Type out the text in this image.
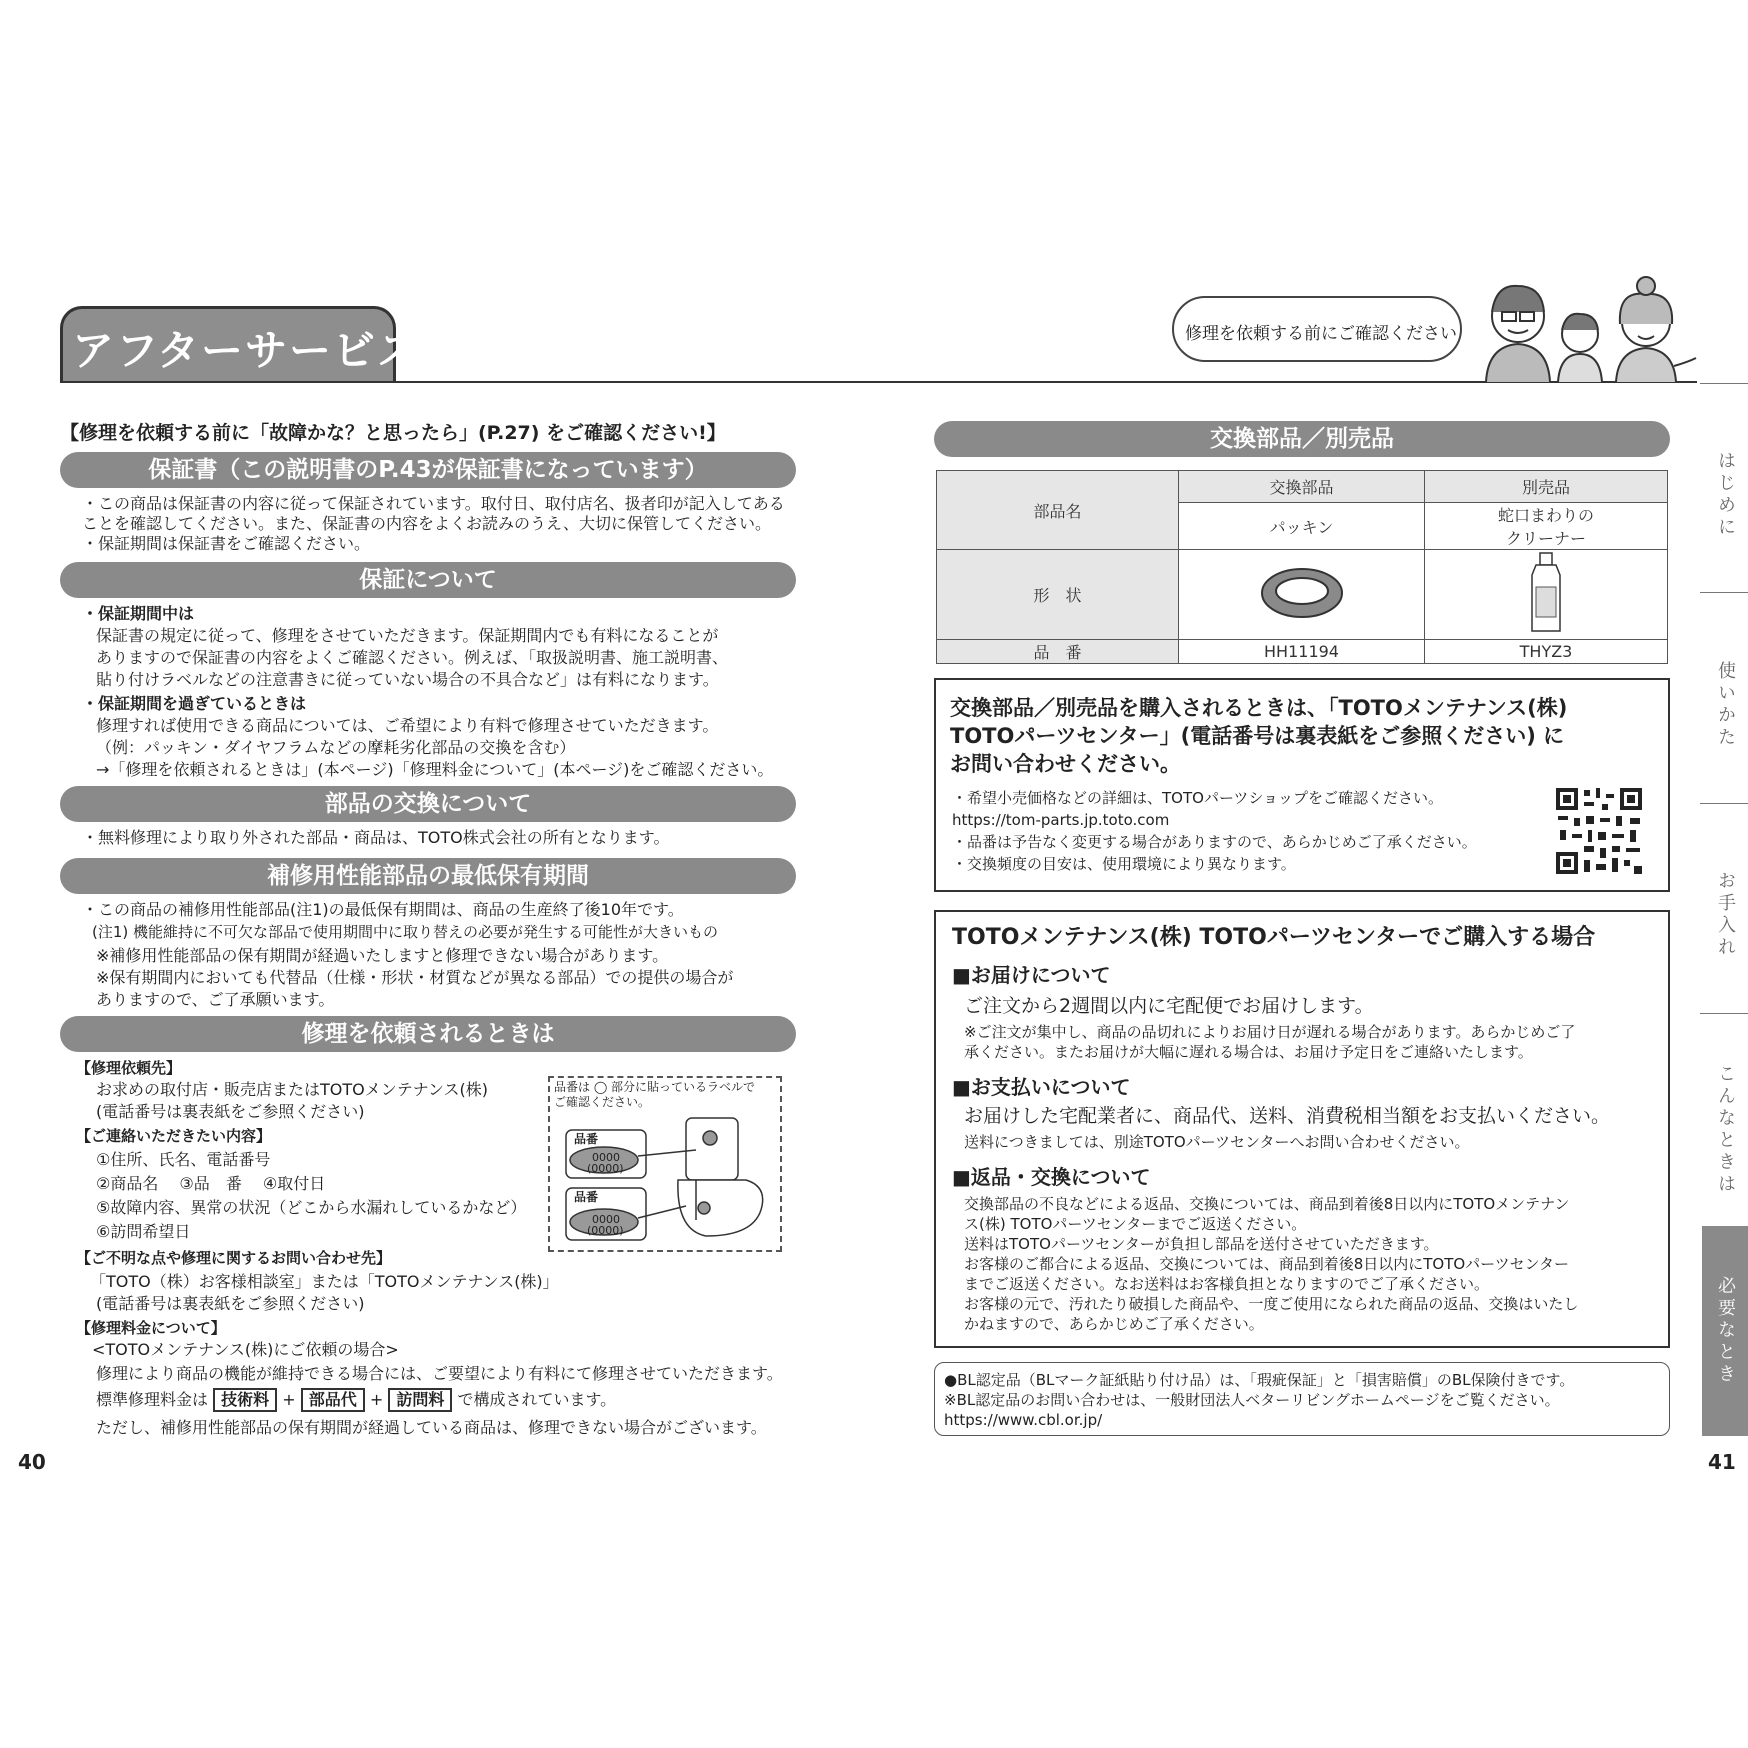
アフターサービス	修理を依頼する前にご確認ください
はじめに
使いかた
お手入れ
こんなときは
必要なとき
【修理を依頼する前に「故障かな？と思ったら」(P.27) をご確認ください!】
保証書（この説明書のP.43が保証書になっています）
・この商品は保証書の内容に従って保証されています。取付日、取付店名、扱者印が記入してある
ことを確認してください。また、保証書の内容をよくお読みのうえ、大切に保管してください。
・保証期間は保証書をご確認ください。
保証について
・保証期間中は
保証書の規定に従って、修理をさせていただきます。保証期間内でも有料になることが
ありますので保証書の内容をよくご確認ください。例えば、「取扱説明書、施工説明書、
貼り付けラベルなどの注意書きに従っていない場合の不具合など」は有料になります。
・保証期間を過ぎているときは
修理すれば使用できる商品については、ご希望により有料で修理させていただきます。
（例：パッキン・ダイヤフラムなどの摩耗劣化部品の交換を含む）
→「修理を依頼されるときは」(本ページ)「修理料金について」(本ページ)をご確認ください。
部品の交換について
・無料修理により取り外された部品・商品は、TOTO株式会社の所有となります。
補修用性能部品の最低保有期間
・この商品の補修用性能部品(注1)の最低保有期間は、商品の生産終了後10年です。
(注1) 機能維持に不可欠な部品で使用期間中に取り替えの必要が発生する可能性が大きいもの
※補修用性能部品の保有期間が経過いたしますと修理できない場合があります。
※保有期間内においても代替品（仕様・形状・材質などが異なる部品）での提供の場合が
ありますので、ご了承願います。
修理を依頼されるときは
【修理依頼先】
お求めの取付店・販売店またはTOTOメンテナンス(株)
(電話番号は裏表紙をご参照ください)
【ご連絡いただきたい内容】
①住所、氏名、電話番号
②商品名　 ③品　番　 ④取付日
⑤故障内容、異常の状況（どこから水漏れしているかなど）
⑥訪問希望日
【ご不明な点や修理に関するお問い合わせ先】
「TOTO（株）お客様相談室」または「TOTOメンテナンス(株)」
(電話番号は裏表紙をご参照ください)
【修理料金について】
<TOTOメンテナンス(株)にご依頼の場合>
修理により商品の機能が維持できる場合には、ご要望により有料にて修理させていただきます。
標準修理料金は 技術料 + 部品代 + 訪問料 で構成されています。
ただし、補修用性能部品の保有期間が経過している商品は、修理できない場合がございます。
品番は ◯ 部分に貼っているラベルで
ご確認ください。
品番
0000
(0000)
品番
0000
(0000)
40
交換部品／別売品
部品名	交換部品	別売品
	パッキン	蛇口まわりの
クリーナー

形　状		
品　番	HH11194	THYZ3
交換部品／別売品を購入されるときは、「TOTOメンテナンス(株)
TOTOパーツセンター」(電話番号は裏表紙をご参照ください) に
お問い合わせください。
・希望小売価格などの詳細は、TOTOパーツショップをご確認ください。
https://tom-parts.jp.toto.com
・品番は予告なく変更する場合がありますので、あらかじめご了承ください。
・交換頻度の目安は、使用環境により異なります。
TOTOメンテナンス(株) TOTOパーツセンターでご購入する場合
■お届けについて
ご注文から2週間以内に宅配便でお届けします。
※ご注文が集中し、商品の品切れによりお届け日が遅れる場合があります。あらかじめご了
承ください。またお届けが大幅に遅れる場合は、お届け予定日をご連絡いたします。
■お支払いについて
お届けした宅配業者に、商品代、送料、消費税相当額をお支払いください。
送料につきましては、別途TOTOパーツセンターへお問い合わせください。
■返品・交換について
交換部品の不良などによる返品、交換については、商品到着後8日以内にTOTOメンテナン
ス(株) TOTOパーツセンターまでご返送ください。
送料はTOTOパーツセンターが負担し部品を送付させていただきます。
お客様のご都合による返品、交換については、商品到着後8日以内にTOTOパーツセンター
までご返送ください。なお送料はお客様負担となりますのでご了承ください。
お客様の元で、汚れたり破損した商品や、一度ご使用になられた商品の返品、交換はいたし
かねますので、あらかじめご了承ください。
●BL認定品（BLマーク証紙貼り付け品）は、「瑕疵保証」と「損害賠償」のBL保険付きです。
※BL認定品のお問い合わせは、一般財団法人ベターリビングホームページをご覧ください。
https://www.cbl.or.jp/
41
